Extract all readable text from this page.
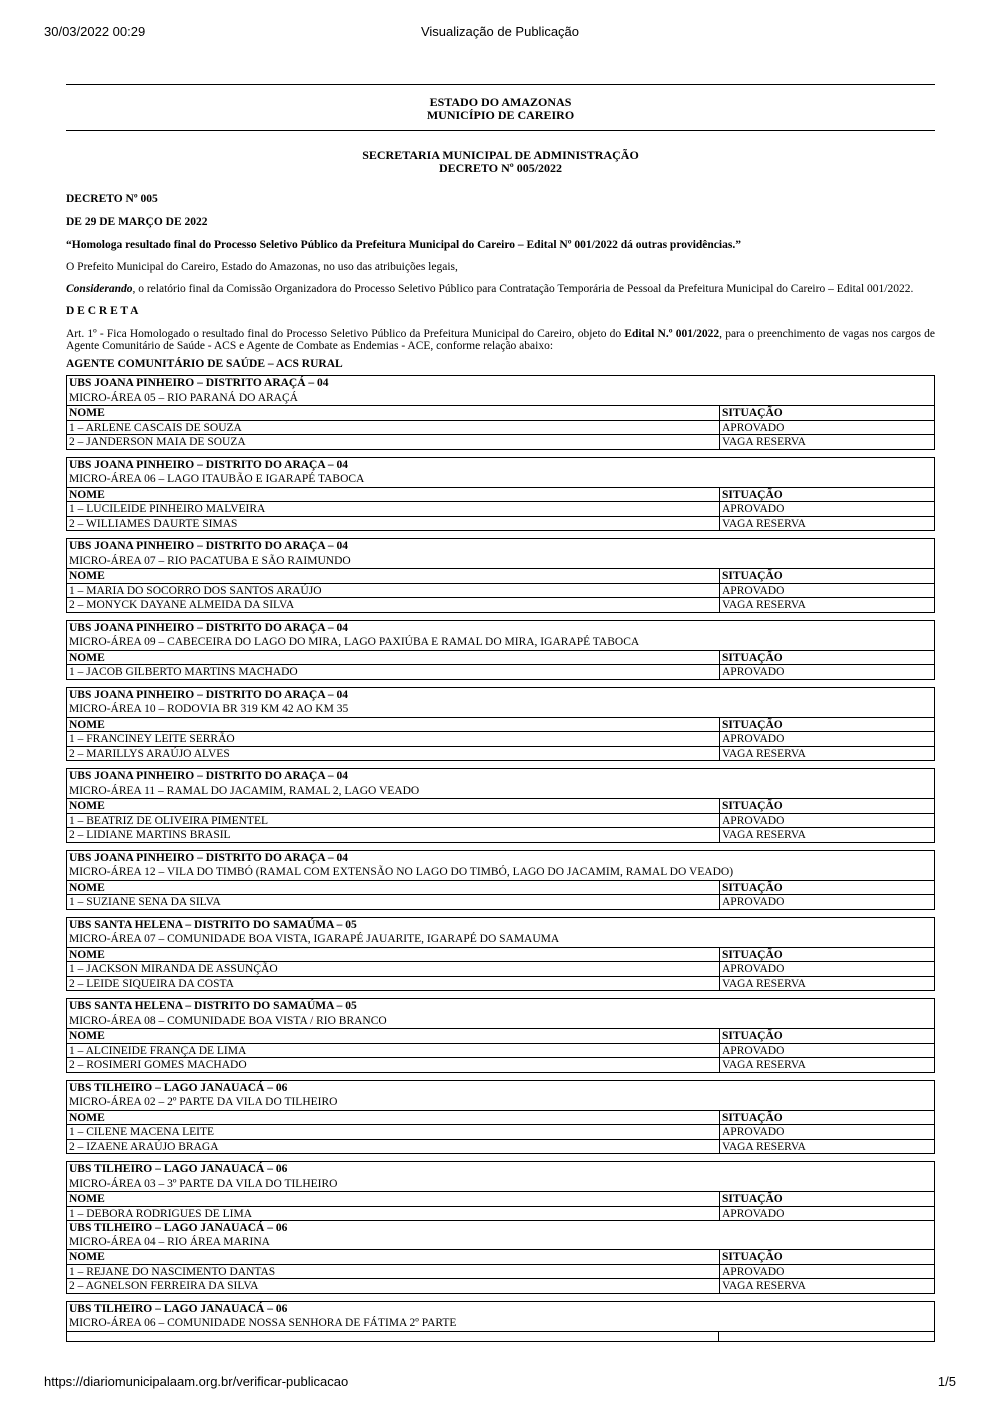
30/03/2022 00:29	Visualização de Publicação
ESTADO DO AMAZONAS
MUNICÍPIO DE CAREIRO
SECRETARIA MUNICIPAL DE ADMINISTRAÇÃO
DECRETO Nº 005/2022
DECRETO Nº 005
DE 29 DE MARÇO DE 2022
“Homologa resultado final do Processo Seletivo Público da Prefeitura Municipal do Careiro – Edital Nº 001/2022 dá outras providências.”
O Prefeito Municipal do Careiro, Estado do Amazonas, no uso das atribuições legais,
Considerando, o relatório final da Comissão Organizadora do Processo Seletivo Público para Contratação Temporária de Pessoal da Prefeitura Municipal do Careiro – Edital 001/2022.
D E C R E T A
Art. 1º - Fica Homologado o resultado final do Processo Seletivo Público da Prefeitura Municipal do Careiro, objeto do Edital N.º 001/2022, para o preenchimento de vagas nos cargos de Agente Comunitário de Saúde - ACS e Agente de Combate as Endemias - ACE, conforme relação abaixo:
AGENTE COMUNITÁRIO DE SAÚDE – ACS RURAL
UBS JOANA PINHEIRO – DISTRITO ARAÇÁ – 04
MICRO-ÁREA 05 – RIO PARANÁ DO ARAÇÁ
NOME	SITUAÇÃO
1 – ARLENE CASCAIS DE SOUZA	APROVADO
2 – JANDERSON MAIA DE SOUZA	VAGA RESERVA
UBS JOANA PINHEIRO – DISTRITO DO ARAÇA – 04
MICRO-ÁREA 06 – LAGO ITAUBÃO E IGARAPÉ TABOCA
NOME	SITUAÇÃO
1 – LUCILEIDE PINHEIRO MALVEIRA	APROVADO
2 – WILLIAMES DAURTE SIMAS	VAGA RESERVA
UBS JOANA PINHEIRO – DISTRITO DO ARAÇA – 04
MICRO-ÁREA 07 – RIO PACATUBA E SÃO RAIMUNDO
NOME	SITUAÇÃO
1 – MARIA DO SOCORRO DOS SANTOS ARAÚJO	APROVADO
2 – MONYCK DAYANE ALMEIDA DA SILVA	VAGA RESERVA
UBS JOANA PINHEIRO – DISTRITO DO ARAÇA – 04
MICRO-ÁREA 09 – CABECEIRA DO LAGO DO MIRA, LAGO PAXIÚBA E RAMAL DO MIRA, IGARAPÉ TABOCA
NOME	SITUAÇÃO
1 – JACOB GILBERTO MARTINS MACHADO	APROVADO
UBS JOANA PINHEIRO – DISTRITO DO ARAÇA – 04
MICRO-ÁREA 10 – RODOVIA BR 319 KM 42 AO KM 35
NOME	SITUAÇÃO
1 – FRANCINEY LEITE SERRÃO	APROVADO
2 – MARILLYS ARAÚJO ALVES	VAGA RESERVA
UBS JOANA PINHEIRO – DISTRITO DO ARAÇA – 04
MICRO-ÁREA 11 – RAMAL DO JACAMIM, RAMAL 2, LAGO VEADO
NOME	SITUAÇÃO
1 – BEATRIZ DE OLIVEIRA PIMENTEL	APROVADO
2 – LIDIANE MARTINS BRASIL	VAGA RESERVA
UBS JOANA PINHEIRO – DISTRITO DO ARAÇA – 04
MICRO-ÁREA 12 – VILA DO TIMBÓ (RAMAL COM EXTENSÃO NO LAGO DO TIMBÓ, LAGO DO JACAMIM, RAMAL DO VEADO)
NOME	SITUAÇÃO
1 – SUZIANE SENA DA SILVA	APROVADO
UBS SANTA HELENA – DISTRITO DO SAMAÚMA – 05
MICRO-ÁREA 07 – COMUNIDADE BOA VISTA, IGARAPÉ JAUARITE, IGARAPÉ DO SAMAUMA
NOME	SITUAÇÃO
1 – JACKSON MIRANDA DE ASSUNÇÃO	APROVADO
2 – LEIDE SIQUEIRA DA COSTA	VAGA RESERVA
UBS SANTA HELENA – DISTRITO DO SAMAÚMA – 05
MICRO-ÁREA 08 – COMUNIDADE BOA VISTA / RIO BRANCO
NOME	SITUAÇÃO
1 – ALCINEIDE FRANÇA DE LIMA	APROVADO
2 – ROSIMERI GOMES MACHADO	VAGA RESERVA
UBS TILHEIRO – LAGO JANAUACÁ – 06
MICRO-ÁREA 02 – 2º PARTE DA VILA DO TILHEIRO
NOME	SITUAÇÃO
1 – CILENE MACENA LEITE	APROVADO
2 – IZAENE ARAÚJO BRAGA	VAGA RESERVA
UBS TILHEIRO – LAGO JANAUACÁ – 06
MICRO-ÁREA 03 – 3º PARTE DA VILA DO TILHEIRO
NOME	SITUAÇÃO
1 – DEBORA RODRIGUES DE LIMA	APROVADO
UBS TILHEIRO – LAGO JANAUACÁ – 06
MICRO-ÁREA 04 – RIO ÁREA MARINA
NOME	SITUAÇÃO
1 – REJANE DO NASCIMENTO DANTAS	APROVADO
2 – AGNELSON FERREIRA DA SILVA	VAGA RESERVA
UBS TILHEIRO – LAGO JANAUACÁ – 06
MICRO-ÁREA 06 – COMUNIDADE NOSSA SENHORA DE FÁTIMA 2º PARTE
https://diariomunicipalaam.org.br/verificar-publicacao	1/5
